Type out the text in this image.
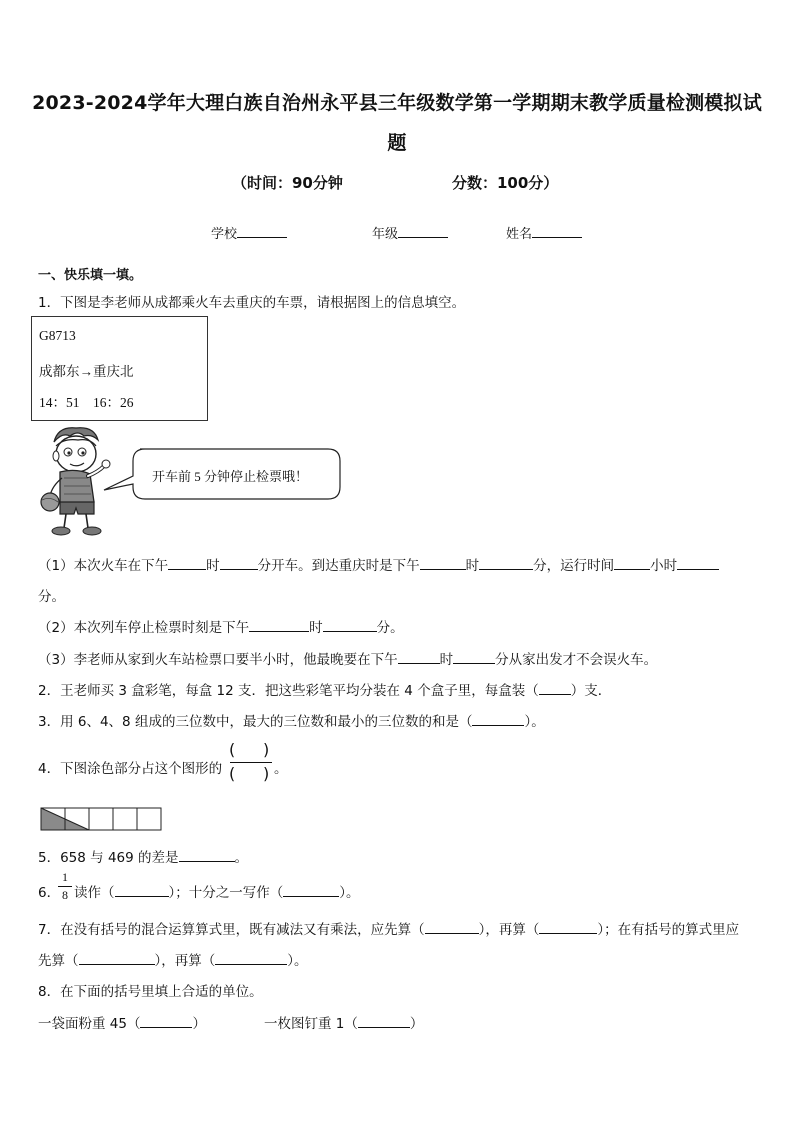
2023-2024学年大理白族自治州永平县三年级数学第一学期期末教学质量检测模拟试
题
（时间：90分钟	分数：100分）
学校	年级	姓名
一、快乐填一填。
1．下图是李老师从成都乘火车去重庆的车票，请根据图上的信息填空。
G8713
成都东→重庆北
14：51 16：26
开车前 5 分钟停止检票哦！
（1）本次火车在下午	时	分开车。到达重庆时是下午	时	分，运行时间	小时
分。
（2）本次列车停止检票时刻是下午	时	分。
（3）李老师从家到火车站检票口要半小时，他最晚要在下午	时	分从家出发才不会误火车。
2．王老师买 3 盒彩笔，每盒 12 支．把这些彩笔平均分装在 4 个盒子里，每盒装（ ）支．
3．用 6、4、8 组成的三位数中，最大的三位数和最小的三位数的和是（	）。
4．下图涂色部分占这个图形的
( )
( ) 。
5．658 与 469 的差是	。
6．
1
8 读作（	）；十分之一写作（	）。
7．在没有括号的混合运算算式里，既有减法又有乘法，应先算（	），再算（	）；在有括号的算式里应
先算（	），再算（	）。
8．在下面的括号里填上合适的单位。
一袋面粉重 45（	）	一枚图钉重 1（	）
